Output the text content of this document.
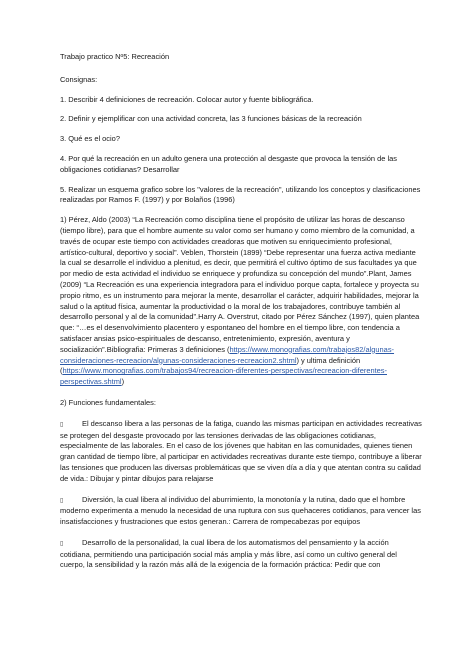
Trabajo practico Nº5: Recreación

Consignas:

1. Describir 4 definiciones de recreación. Colocar autor y fuente bibliográfica.

2. Definir y ejemplificar con una actividad concreta, las 3 funciones básicas de la recreación

3. Qué es el ocio?

4. Por qué la recreación en un adulto genera una protección al desgaste que provoca la tensión de las obligaciones cotidianas? Desarrollar

5. Realizar un esquema grafico sobre los "valores de la recreación", utilizando los conceptos y clasificaciones realizadas por Ramos F. (1997) y por Bolaños (1996)

1) Pérez, Aldo (2003) “La Recreación como disciplina tiene el propósito de utilizar las horas de descanso (tiempo libre), para que el hombre aumente su valor como ser humano y como miembro de la comunidad, a través de ocupar este tiempo con actividades creadoras que motiven su enriquecimiento profesional, artístico-cultural, deportivo y social”. Veblen, Thorstein (1899) “Debe representar una fuerza activa mediante la cual se desarrolle el individuo a plenitud, es decir, que permitirá el cultivo óptimo de sus facultades ya que por medio de esta actividad el individuo se enriquece y profundiza su concepción del mundo”.Plant, James (2009) “La Recreación es una experiencia integradora para el individuo porque capta, fortalece y proyecta su propio ritmo, es un instrumento para mejorar la mente, desarrollar el carácter, adquirir habilidades, mejorar la salud o la aptitud física, aumentar la productividad o la moral de los trabajadores, contribuye también al desarrollo personal y al de la comunidad”.Harry A. Overstrut, citado por Pérez Sánchez (1997), quien plantea que: “…es el desenvolvimiento placentero y espontaneo del hombre en el tiempo libre, con tendencia a satisfacer ansias psico-espirituales de descanso, entretenimiento, expresión, aventura y socialización”.Bibliografia: Primeras 3 definiciones (https://www.monografias.com/trabajos82/algunas-consideraciones-recreacion/algunas-consideraciones-recreacion2.shtml) y ultima definición (https://www.monografias.com/trabajos94/recreacion-diferentes-perspectivas/recreacion-diferentes-perspectivas.shtml)

2) Funciones fundamentales:

▯	El descanso libera a las personas de la fatiga, cuando las mismas participan en actividades recreativas se protegen del desgaste provocado por las tensiones derivadas de las obligaciones cotidianas, especialmente de las laborales. En el caso de los jóvenes que habitan en las comunidades, quienes tienen gran cantidad de tiempo libre, al participar en actividades recreativas durante este tiempo, contribuye a liberar las tensiones que producen las diversas problemáticas que se viven día a día y que atentan contra su calidad de vida.: Dibujar y pintar dibujos para relajarse

▯	Diversión, la cual libera al individuo del aburrimiento, la monotonía y la rutina, dado que el hombre moderno experimenta a menudo la necesidad de una ruptura con sus quehaceres cotidianos, para vencer las insatisfacciones y frustraciones que estos generan.: Carrera de rompecabezas por equipos

▯	Desarrollo de la personalidad, la cual libera de los automatismos del pensamiento y la acción cotidiana, permitiendo una participación social más amplia y más libre, así como un cultivo general del cuerpo, la sensibilidad y la razón más allá de la exigencia de la formación práctica: Pedir que con
